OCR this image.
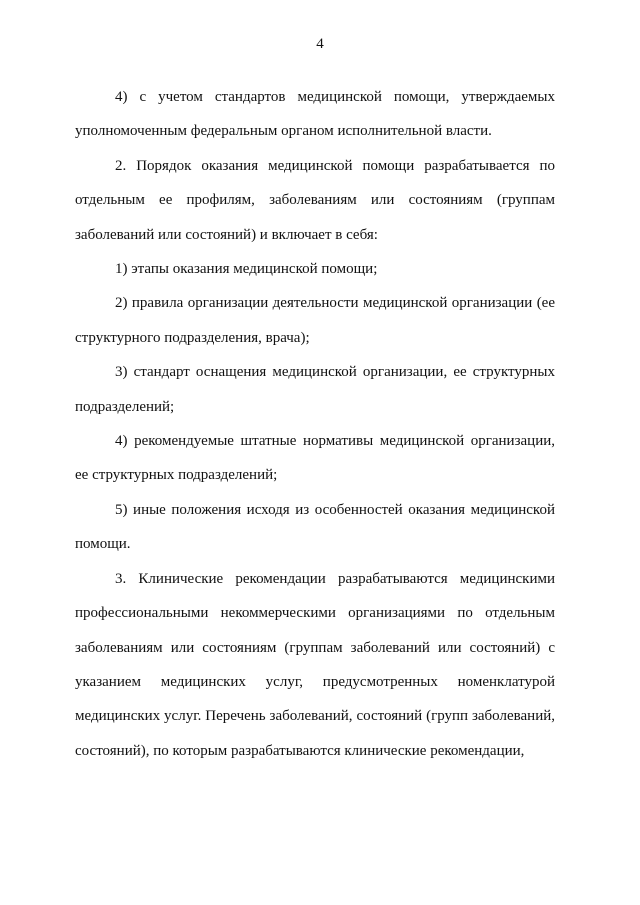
4

4) с учетом стандартов медицинской помощи, утверждаемых уполномоченным федеральным органом исполнительной власти.

2. Порядок оказания медицинской помощи разрабатывается по отдельным ее профилям, заболеваниям или состояниям (группам заболеваний или состояний) и включает в себя:

1) этапы оказания медицинской помощи;

2) правила организации деятельности медицинской организации (ее структурного подразделения, врача);

3) стандарт оснащения медицинской организации, ее структурных подразделений;

4) рекомендуемые штатные нормативы медицинской организации, ее структурных подразделений;

5) иные положения исходя из особенностей оказания медицинской помощи.

3. Клинические рекомендации разрабатываются медицинскими профессиональными некоммерческими организациями по отдельным заболеваниям или состояниям (группам заболеваний или состояний) с указанием медицинских услуг, предусмотренных номенклатурой медицинских услуг. Перечень заболеваний, состояний (групп заболеваний, состояний), по которым разрабатываются клинические рекомендации,
